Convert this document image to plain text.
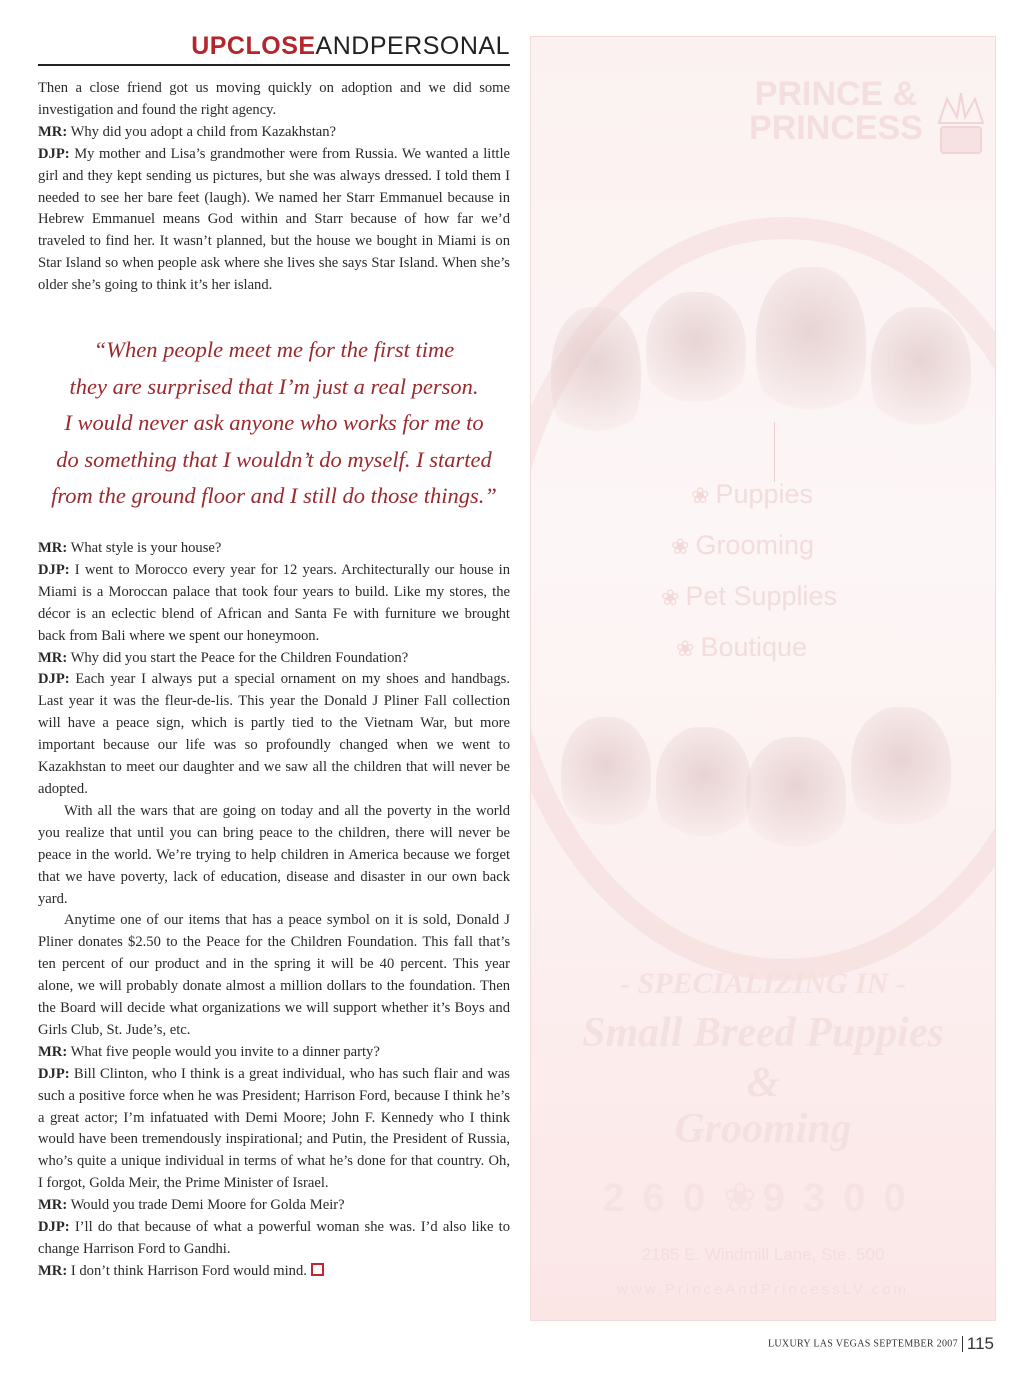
UPCLOSEANDPERSONAL

Then a close friend got us moving quickly on adoption and we did some investigation and found the right agency.

MR: Why did you adopt a child from Kazakhstan?

DJP: My mother and Lisa’s grandmother were from Russia. We wanted a little girl and they kept sending us pictures, but she was always dressed. I told them I needed to see her bare feet (laugh). We named her Starr Emmanuel because in Hebrew Emmanuel means God within and Starr because of how far we’d traveled to find her. It wasn’t planned, but the house we bought in Miami is on Star Island so when people ask where she lives she says Star Island. When she’s older she’s going to think it’s her island.

“When people meet me for the first time
they are surprised that I’m just a real person.
I would never ask anyone who works for me to
do something that I wouldn’t do myself. I started
from the ground floor and I still do those things.”

MR: What style is your house?

DJP: I went to Morocco every year for 12 years. Architecturally our house in Miami is a Moroccan palace that took four years to build. Like my stores, the décor is an eclectic blend of African and Santa Fe with furniture we brought back from Bali where we spent our honeymoon.

MR: Why did you start the Peace for the Children Foundation?

DJP: Each year I always put a special ornament on my shoes and handbags. Last year it was the fleur-de-lis. This year the Donald J Pliner Fall collection will have a peace sign, which is partly tied to the Vietnam War, but more important because our life was so profoundly changed when we went to Kazakhstan to meet our daughter and we saw all the children that will never be adopted.

With all the wars that are going on today and all the poverty in the world you realize that until you can bring peace to the children, there will never be peace in the world. We’re trying to help children in America because we forget that we have poverty, lack of education, disease and disaster in our own back yard.

Anytime one of our items that has a peace symbol on it is sold, Donald J Pliner donates $2.50 to the Peace for the Children Foundation. This fall that’s ten percent of our product and in the spring it will be 40 percent. This year alone, we will probably donate almost a million dollars to the foundation. Then the Board will decide what organizations we will support whether it’s Boys and Girls Club, St. Jude’s, etc.

MR: What five people would you invite to a dinner party?

DJP: Bill Clinton, who I think is a great individual, who has such flair and was such a positive force when he was President; Harrison Ford, because I think he’s a great actor; I’m infatuated with Demi Moore; John F. Kennedy who I think would have been tremendously inspirational; and Putin, the President of Russia, who’s quite a unique individual in terms of what he’s done for that country. Oh, I forgot, Golda Meir, the Prime Minister of Israel.

MR: Would you trade Demi Moore for Golda Meir?

DJP: I’ll do that because of what a powerful woman she was. I’d also like to change Harrison Ford to Gandhi.

MR: I don’t think Harrison Ford would mind.

PRINCE &
PRINCESS
❀ Puppies
❀ Grooming
❀ Pet Supplies
❀ Boutique
- SPECIALIZING IN -
Small Breed Puppies
&
Grooming
260❀9300
2185 E. Windmill Lane, Ste. 500
www.PrinceAndPrincessLV.com
LUXURY LAS VEGAS SEPTEMBER 2007 115
